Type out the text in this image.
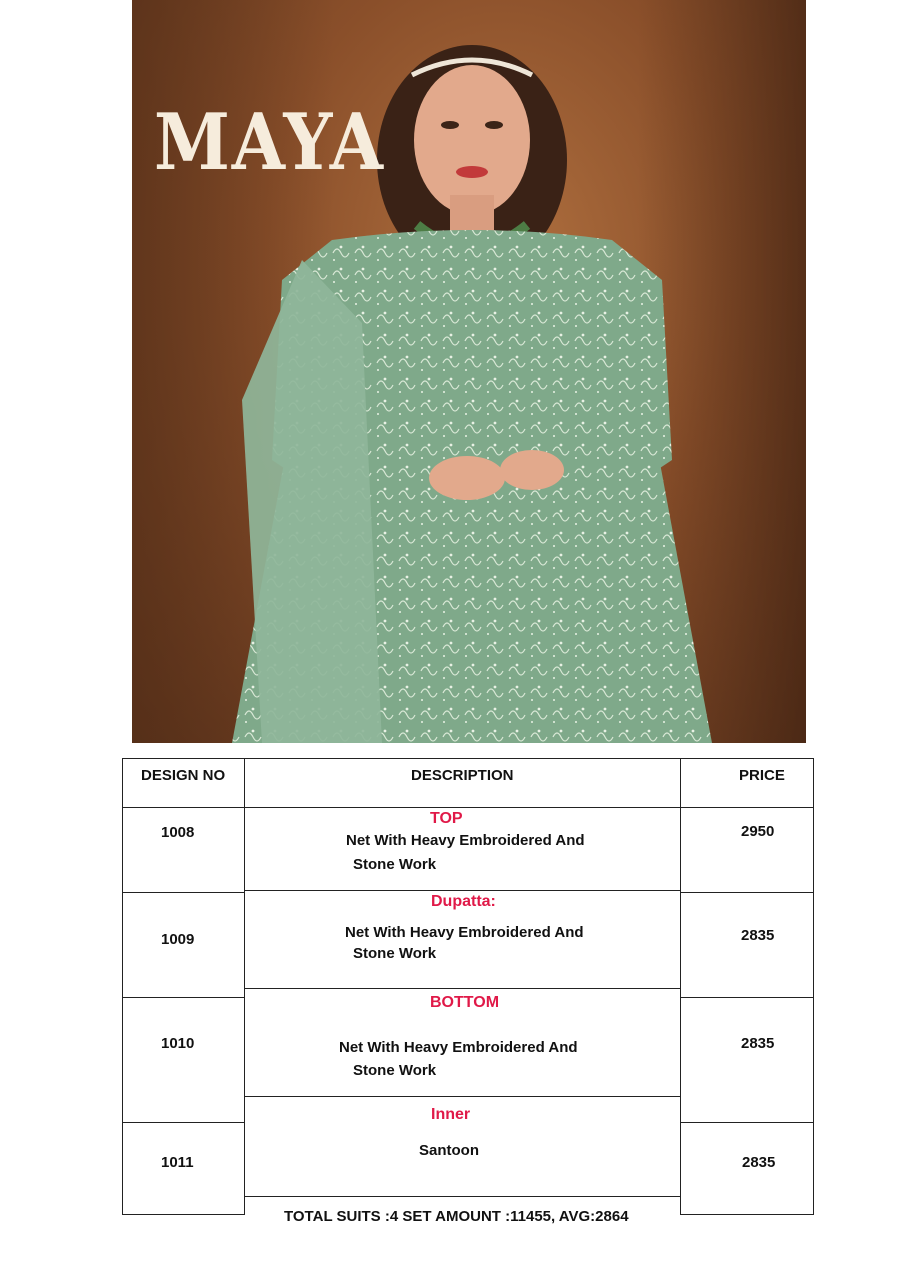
MAYA
DESIGN NO	DESCRIPTION	PRICE
1008
1009
1010
1011
TOP
Net With Heavy Embroidered And
Stone Work
Dupatta:
Net With Heavy Embroidered And
Stone Work
BOTTOM
Net With Heavy Embroidered And
Stone Work
Inner
Santoon
2950
2835
2835
2835
TOTAL SUITS :4 SET AMOUNT :11455, AVG:2864
